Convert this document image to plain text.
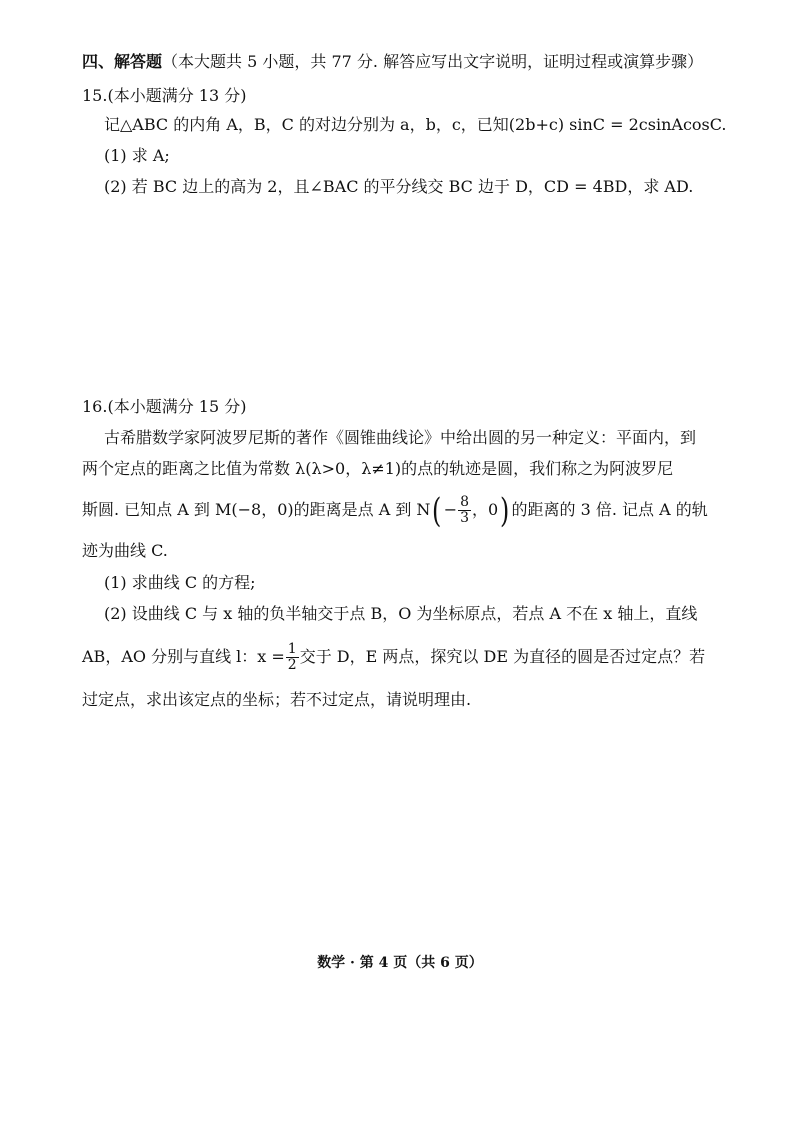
四、解答题（本大题共 5 小题，共 77 分. 解答应写出文字说明，证明过程或演算步骤）
15.(本小题满分 13 分)
记△ABC 的内角 A，B，C 的对边分别为 a，b，c，已知(2b+c) sinC = 2csinAcosC.
(1) 求 A;
(2) 若 BC 边上的高为 2，且∠BAC 的平分线交 BC 边于 D，CD = 4BD，求 AD.
16.(本小题满分 15 分)
古希腊数学家阿波罗尼斯的著作《圆锥曲线论》中给出圆的另一种定义：平面内，到
两个定点的距离之比值为常数 λ(λ>0，λ≠1)的点的轨迹是圆，我们称之为阿波罗尼
斯圆. 已知点 A 到 M(−8，0)的距离是点 A 到 $N( - \frac{8}{3}$ ，0) 的距离的 3 倍. 记点 A 的轨
迹为曲线 C.
(1) 求曲线 C 的方程;
(2) 设曲线 C 与 x 轴的负半轴交于点 B，O 为坐标原点，若点 A 不在 x 轴上，直线
AB，AO 分别与直线 l：$x = \frac{1}{2}$ 交于 D，E 两点，探究以 DE 为直径的圆是否过定点？若
过定点，求出该定点的坐标；若不过定点，请说明理由.
数学 · 第 4 页（共 6 页）
